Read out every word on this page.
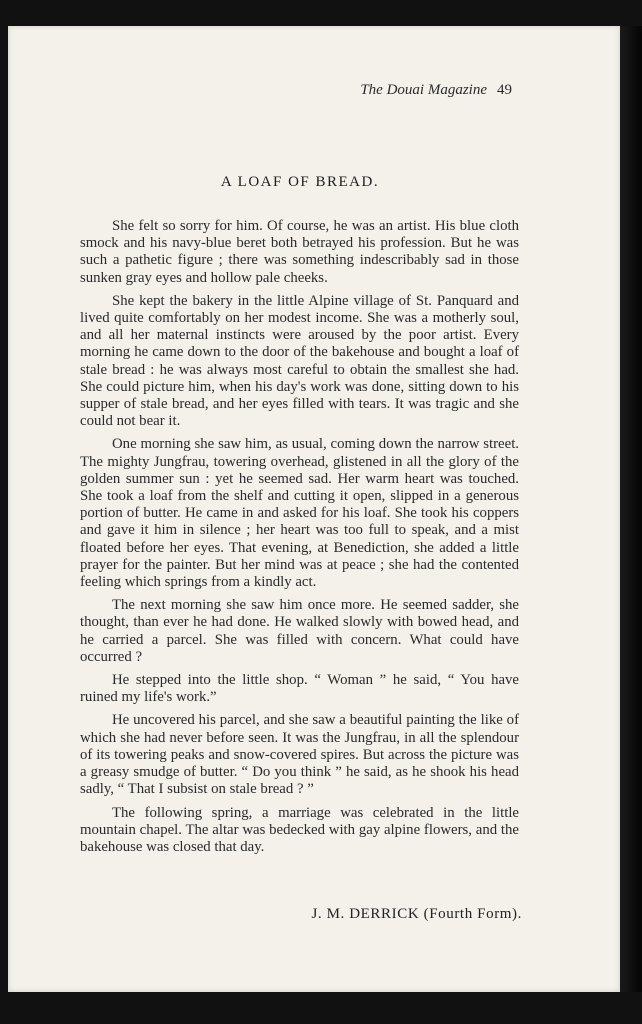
The Douai Magazine 49
A LOAF OF BREAD.

She felt so sorry for him. Of course, he was an artist. His blue cloth smock and his navy-blue beret both betrayed his profession. But he was such a pathetic figure ; there was something indescribably sad in those sunken gray eyes and hollow pale cheeks.

She kept the bakery in the little Alpine village of St. Panquard and lived quite comfortably on her modest income. She was a motherly soul, and all her maternal instincts were aroused by the poor artist. Every morning he came down to the door of the bakehouse and bought a loaf of stale bread : he was always most careful to obtain the smallest she had. She could picture him, when his day's work was done, sitting down to his supper of stale bread, and her eyes filled with tears. It was tragic and she could not bear it.

One morning she saw him, as usual, coming down the narrow street. The mighty Jungfrau, towering overhead, glistened in all the glory of the golden summer sun : yet he seemed sad. Her warm heart was touched. She took a loaf from the shelf and cutting it open, slipped in a generous portion of butter. He came in and asked for his loaf. She took his coppers and gave it him in silence ; her heart was too full to speak, and a mist floated before her eyes. That evening, at Benediction, she added a little prayer for the painter. But her mind was at peace ; she had the contented feeling which springs from a kindly act.

The next morning she saw him once more. He seemed sadder, she thought, than ever he had done. He walked slowly with bowed head, and he carried a parcel. She was filled with concern. What could have occurred ?

He stepped into the little shop. “ Woman ” he said, “ You have ruined my life's work.”

He uncovered his parcel, and she saw a beautiful painting the like of which she had never before seen. It was the Jungfrau, in all the splendour of its towering peaks and snow-covered spires. But across the picture was a greasy smudge of butter. “ Do you think ” he said, as he shook his head sadly, “ That I subsist on stale bread ? ”

The following spring, a marriage was celebrated in the little mountain chapel. The altar was bedecked with gay alpine flowers, and the bakehouse was closed that day.

J. M. DERRICK (Fourth Form).
